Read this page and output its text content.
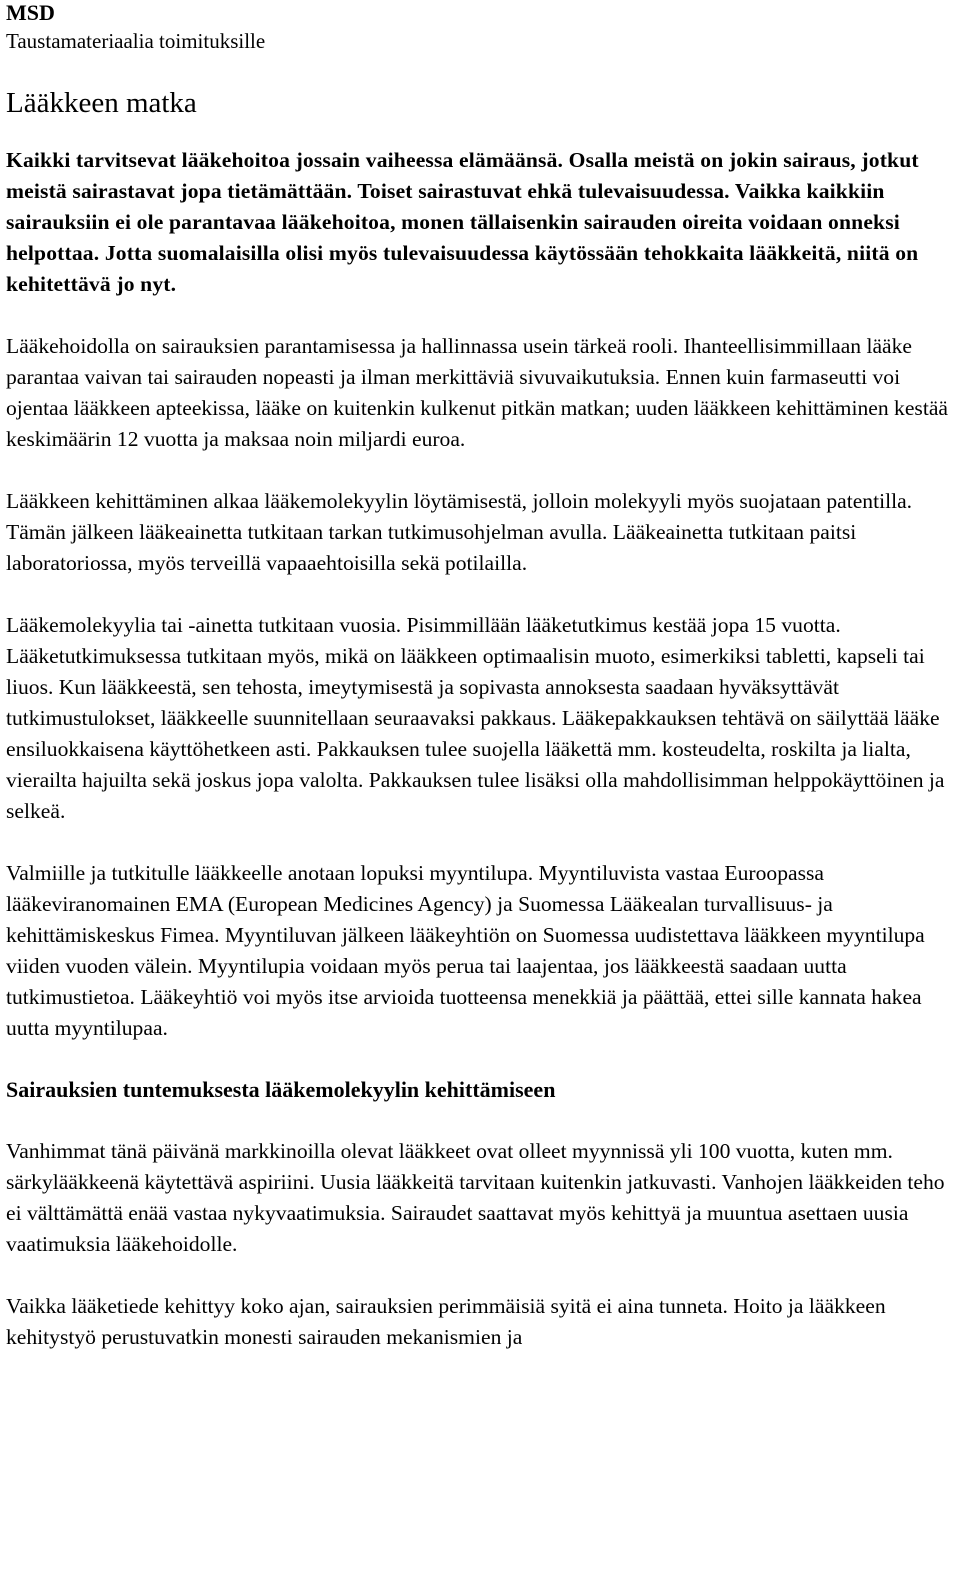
MSD
Taustamateriaalia toimituksille
Lääkkeen matka

Kaikki tarvitsevat lääkehoitoa jossain vaiheessa elämäänsä. Osalla meistä on jokin sairaus, jotkut meistä sairastavat jopa tietämättään. Toiset sairastuvat ehkä tulevaisuudessa. Vaikka kaikkiin sairauksiin ei ole parantavaa lääkehoitoa, monen tällaisenkin sairauden oireita voidaan onneksi helpottaa. Jotta suomalaisilla olisi myös tulevaisuudessa käytössään tehokkaita lääkkeitä, niitä on kehitettävä jo nyt.

Lääkehoidolla on sairauksien parantamisessa ja hallinnassa usein tärkeä rooli. Ihanteellisimmillaan lääke parantaa vaivan tai sairauden nopeasti ja ilman merkittäviä sivuvaikutuksia. Ennen kuin farmaseutti voi ojentaa lääkkeen apteekissa, lääke on kuitenkin kulkenut pitkän matkan; uuden lääkkeen kehittäminen kestää keskimäärin 12 vuotta ja maksaa noin miljardi euroa.

Lääkkeen kehittäminen alkaa lääkemolekyylin löytämisestä, jolloin molekyyli myös suojataan patentilla. Tämän jälkeen lääkeainetta tutkitaan tarkan tutkimusohjelman avulla. Lääkeainetta tutkitaan paitsi laboratoriossa, myös terveillä vapaaehtoisilla sekä potilailla.

Lääkemolekyylia tai -ainetta tutkitaan vuosia. Pisimmillään lääketutkimus kestää jopa 15 vuotta. Lääketutkimuksessa tutkitaan myös, mikä on lääkkeen optimaalisin muoto, esimerkiksi tabletti, kapseli tai liuos. Kun lääkkeestä, sen tehosta, imeytymisestä ja sopivasta annoksesta saadaan hyväksyttävät tutkimustulokset, lääkkeelle suunnitellaan seuraavaksi pakkaus. Lääkepakkauksen tehtävä on säilyttää lääke ensiluokkaisena käyttöhetkeen asti. Pakkauksen tulee suojella lääkettä mm. kosteudelta, roskilta ja lialta, vierailta hajuilta sekä joskus jopa valolta. Pakkauksen tulee lisäksi olla mahdollisimman helppokäyttöinen ja selkeä.

Valmiille ja tutkitulle lääkkeelle anotaan lopuksi myyntilupa. Myyntiluvista vastaa Euroopassa lääkeviranomainen EMA (European Medicines Agency) ja Suomessa Lääkealan turvallisuus- ja kehittämiskeskus Fimea. Myyntiluvan jälkeen lääkeyhtiön on Suomessa uudistettava lääkkeen myyntilupa viiden vuoden välein. Myyntilupia voidaan myös perua tai laajentaa, jos lääkkeestä saadaan uutta tutkimustietoa. Lääkeyhtiö voi myös itse arvioida tuotteensa menekkiä ja päättää, ettei sille kannata hakea uutta myyntilupaa.

Sairauksien tuntemuksesta lääkemolekyylin kehittämiseen

Vanhimmat tänä päivänä markkinoilla olevat lääkkeet ovat olleet myynnissä yli 100 vuotta, kuten mm. särkylääkkeenä käytettävä aspiriini. Uusia lääkkeitä tarvitaan kuitenkin jatkuvasti. Vanhojen lääkkeiden teho ei välttämättä enää vastaa nykyvaatimuksia. Sairaudet saattavat myös kehittyä ja muuntua asettaen uusia vaatimuksia lääkehoidolle.

Vaikka lääketiede kehittyy koko ajan, sairauksien perimmäisiä syitä ei aina tunneta. Hoito ja lääkkeen kehitystyö perustuvatkin monesti sairauden mekanismien ja
